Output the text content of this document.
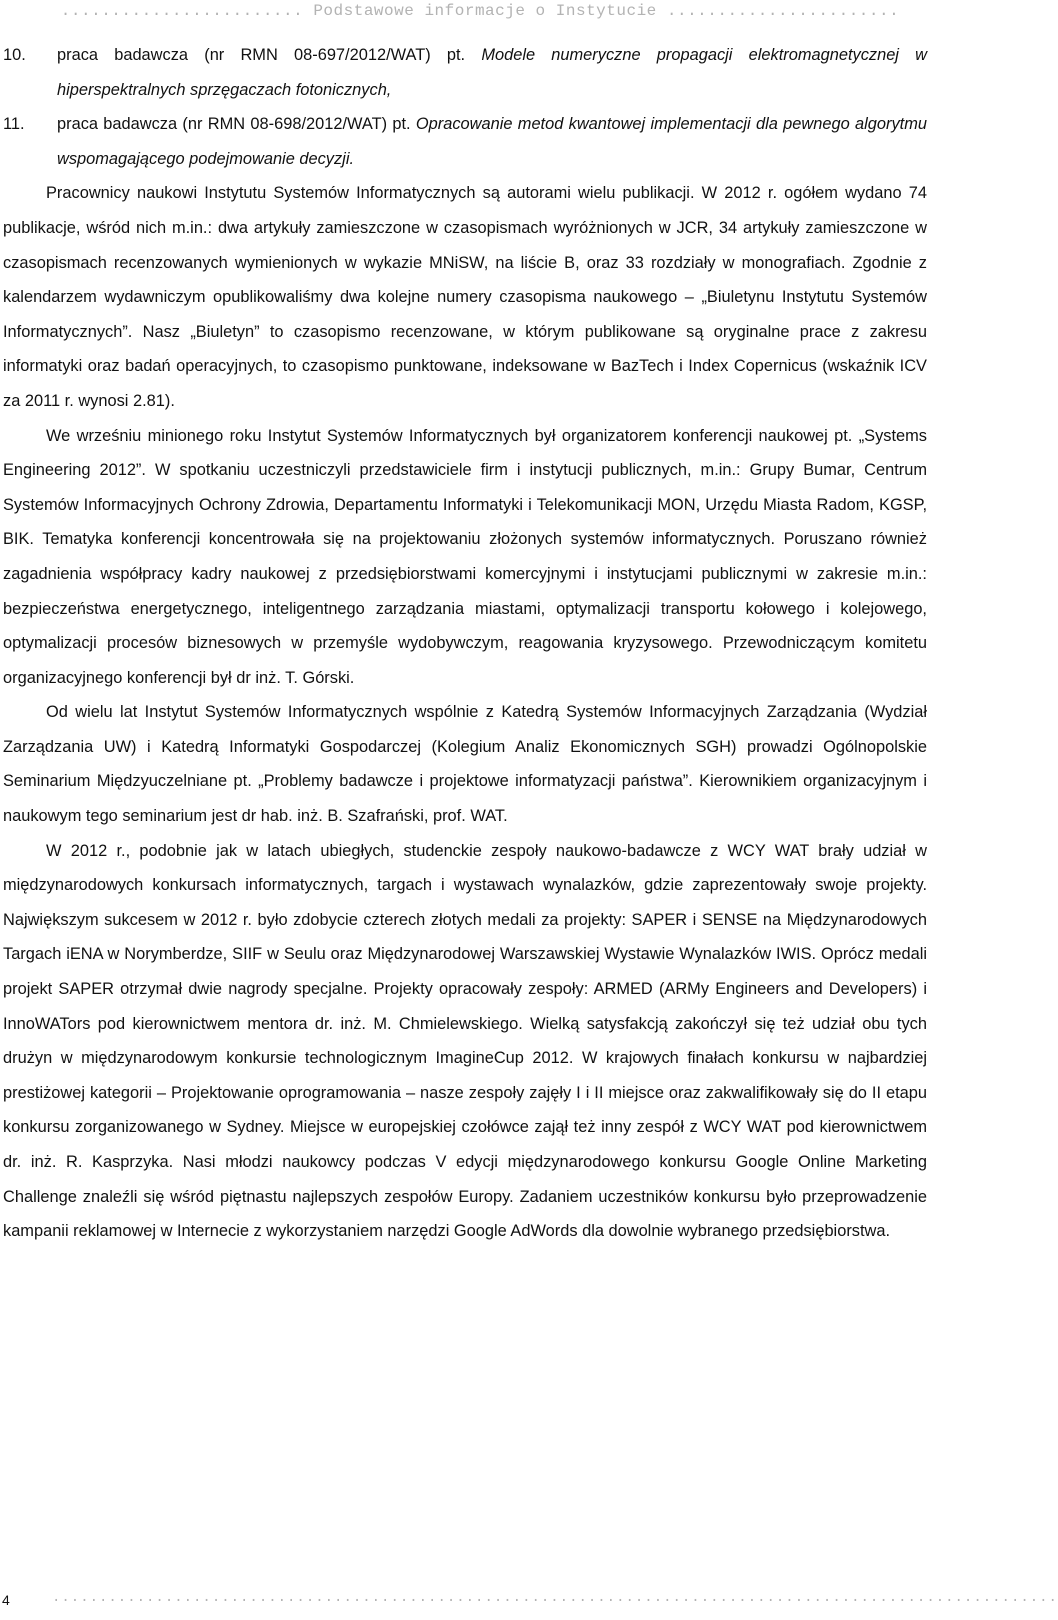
........................ Podstawowe informacje o Instytucie .......................

10. praca badawcza (nr RMN 08-697/2012/WAT) pt. Modele numeryczne propagacji elektromagnetycznej w hiperspektralnych sprzęgaczach fotonicznych,

11. praca badawcza (nr RMN 08-698/2012/WAT) pt. Opracowanie metod kwantowej implementacji dla pewnego algorytmu wspomagającego podejmowanie decyzji.

Pracownicy naukowi Instytutu Systemów Informatycznych są autorami wielu publikacji. W 2012 r. ogółem wydano 74 publikacje, wśród nich m.in.: dwa artykuły zamieszczone w czasopismach wyróżnionych w JCR, 34 artykuły zamieszczone w czasopismach recenzowanych wymienionych w wykazie MNiSW, na liście B, oraz 33 rozdziały w monografiach. Zgodnie z kalendarzem wydawniczym opublikowaliśmy dwa kolejne numery czasopisma naukowego – „Biuletynu Instytutu Systemów Informatycznych”. Nasz „Biuletyn” to czasopismo recenzowane, w którym publikowane są oryginalne prace z zakresu informatyki oraz badań operacyjnych, to czasopismo punktowane, indeksowane w BazTech i Index Copernicus (wskaźnik ICV za 2011 r. wynosi 2.81).

We wrześniu minionego roku Instytut Systemów Informatycznych był organizatorem konferencji naukowej pt. „Systems Engineering 2012”. W spotkaniu uczestniczyli przedstawiciele firm i instytucji publicznych, m.in.: Grupy Bumar, Centrum Systemów Informacyjnych Ochrony Zdrowia, Departamentu Informatyki i Telekomunikacji MON, Urzędu Miasta Radom, KGSP, BIK. Tematyka konferencji koncentrowała się na projektowaniu złożonych systemów informatycznych. Poruszano również zagadnienia współpracy kadry naukowej z przedsiębiorstwami komercyjnymi i instytucjami publicznymi w zakresie m.in.: bezpieczeństwa energetycznego, inteligentnego zarządzania miastami, optymalizacji transportu kołowego i kolejowego, optymalizacji procesów biznesowych w przemyśle wydobywczym, reagowania kryzysowego. Przewodniczącym komitetu organizacyjnego konferencji był dr inż. T. Górski.

Od wielu lat Instytut Systemów Informatycznych wspólnie z Katedrą Systemów Informacyjnych Zarządzania (Wydział Zarządzania UW) i Katedrą Informatyki Gospodarczej (Kolegium Analiz Ekonomicznych SGH) prowadzi Ogólnopolskie Seminarium Międzyuczelniane pt. „Problemy badawcze i projektowe informatyzacji państwa”. Kierownikiem organizacyjnym i naukowym tego seminarium jest dr hab. inż. B. Szafrański, prof. WAT.

W 2012 r., podobnie jak w latach ubiegłych, studenckie zespoły naukowo-badawcze z WCY WAT brały udział w międzynarodowych konkursach informatycznych, targach i wystawach wynalazków, gdzie zaprezentowały swoje projekty. Największym sukcesem w 2012 r. było zdobycie czterech złotych medali za projekty: SAPER i SENSE na Międzynarodowych Targach iENA w Norymberdze, SIIF w Seulu oraz Międzynarodowej Warszawskiej Wystawie Wynalazków IWIS. Oprócz medali projekt SAPER otrzymał dwie nagrody specjalne. Projekty opracowały zespoły: ARMED (ARMy Engineers and Developers) i InnoWATors pod kierownictwem mentora dr. inż. M. Chmielewskiego. Wielką satysfakcją zakończył się też udział obu tych drużyn w międzynarodowym konkursie technologicznym ImagineCup 2012. W krajowych finałach konkursu w najbardziej prestiżowej kategorii – Projektowanie oprogramowania – nasze zespoły zajęły I i II miejsce oraz zakwalifikowały się do II etapu konkursu zorganizowanego w Sydney. Miejsce w europejskiej czołówce zajął też inny zespół z WCY WAT pod kierownictwem dr. inż. R. Kasprzyka. Nasi młodzi naukowcy podczas V edycji międzynarodowego konkursu Google Online Marketing Challenge znaleźli się wśród piętnastu najlepszych zespołów Europy. Zadaniem uczestników konkursu było przeprowadzenie kampanii reklamowej w Internecie z wykorzystaniem narzędzi Google AdWords dla dowolnie wybranego przedsiębiorstwa.

4	...........................................................................................................
